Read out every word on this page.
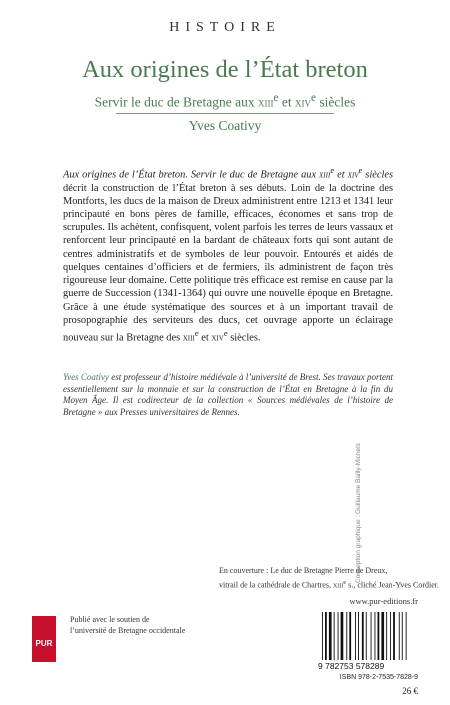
HISTOIRE
Aux origines de l’État breton
Servir le duc de Bretagne aux xiii$^e$ et xiv$^e$ siècles
Yves Coativy
Aux origines de l’État breton. Servir le duc de Bretagne aux xiii$^e$ et xiv$^e$ siècles décrit la construction de l’État breton à ses débuts. Loin de la doctrine des Montforts, les ducs de la maison de Dreux administrent entre 1213 et 1341 leur principauté en bons pères de famille, efficaces, économes et sans trop de scrupules. Ils achètent, confisquent, volent parfois les terres de leurs vassaux et renforcent leur principauté en la bardant de châteaux forts qui sont autant de centres administratifs et de symboles de leur pouvoir. Entourés et aidés de quelques centaines d’officiers et de fermiers, ils administrent de façon très rigoureuse leur domaine. Cette politique très efficace est remise en cause par la guerre de Succession (1341-1364) qui ouvre une nouvelle époque en Bretagne. Grâce à une étude systématique des sources et à un important travail de prosopographie des serviteurs des ducs, cet ouvrage apporte un éclairage nouveau sur la Bretagne des xiii$^e$ et xiv$^e$ siècles.
Yves Coativy est professeur d’histoire médiévale à l’université de Brest. Ses travaux portent essentiellement sur la monnaie et sur la construction de l’État en Bretagne à la fin du Moyen Âge. Il est codirecteur de la collection « Sources médiévales de l’histoire de Bretagne » aux Presses universitaires de Rennes.
Conception graphique : Guillaume Bailly-Michels
En couverture : Le duc de Bretagne Pierre de Dreux,
vitrail de la cathédrale de Chartres, xiii$^e$ s., cliché Jean-Yves Cordier.
www.pur-editions.fr
PUR
Publié avec le soutien de
l’université de Bretagne occidentale
9 782753 578289
ISBN 978-2-7535-7828-9
26 €
